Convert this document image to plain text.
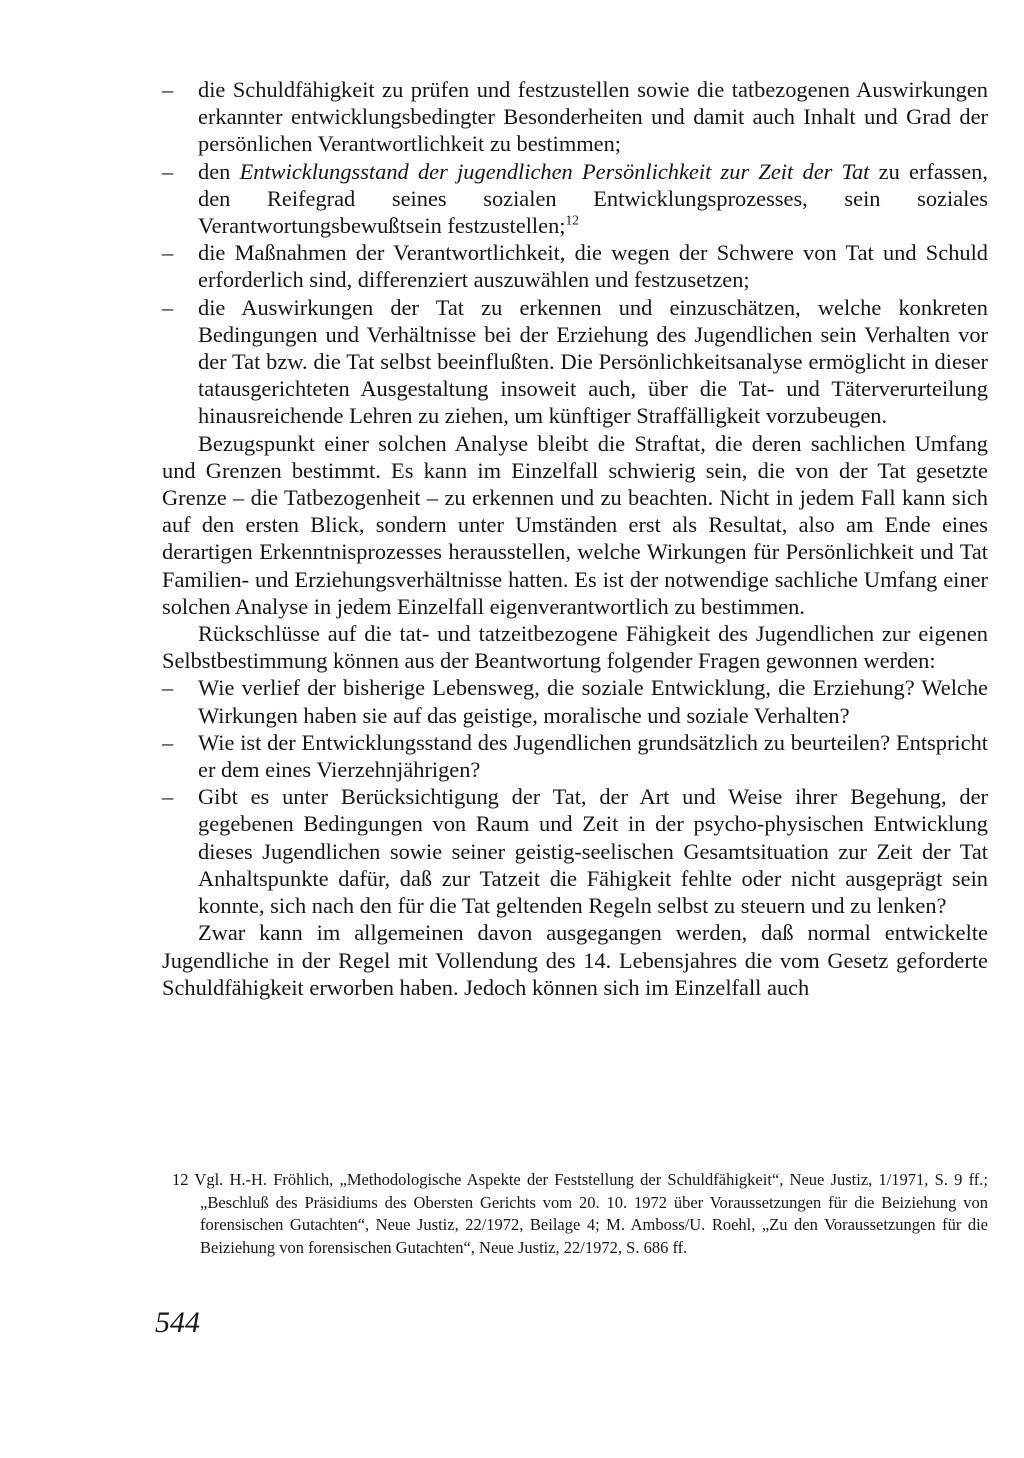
– die Schuldfähigkeit zu prüfen und festzustellen sowie die tatbezogenen Auswirkungen erkannter entwicklungsbedingter Besonderheiten und damit auch Inhalt und Grad der persönlichen Verantwortlichkeit zu bestimmen;

– den Entwicklungsstand der jugendlichen Persönlichkeit zur Zeit der Tat zu erfassen, den Reifegrad seines sozialen Entwicklungsprozesses, sein soziales Verantwortungsbewußtsein festzustellen;$^{12}$

– die Maßnahmen der Verantwortlichkeit, die wegen der Schwere von Tat und Schuld erforderlich sind, differenziert auszuwählen und festzusetzen;

– die Auswirkungen der Tat zu erkennen und einzuschätzen, welche konkreten Bedingungen und Verhältnisse bei der Erziehung des Jugendlichen sein Verhalten vor der Tat bzw. die Tat selbst beeinflußten. Die Persönlichkeitsanalyse ermöglicht in dieser tatausgerichteten Ausgestaltung insoweit auch, über die Tat- und Täterverurteilung hinausreichende Lehren zu ziehen, um künftiger Straffälligkeit vorzubeugen.

Bezugspunkt einer solchen Analyse bleibt die Straftat, die deren sachlichen Umfang und Grenzen bestimmt. Es kann im Einzelfall schwierig sein, die von der Tat gesetzte Grenze – die Tatbezogenheit – zu erkennen und zu beachten. Nicht in jedem Fall kann sich auf den ersten Blick, sondern unter Umständen erst als Resultat, also am Ende eines derartigen Erkenntnisprozesses herausstellen, welche Wirkungen für Persönlichkeit und Tat Familien- und Erziehungsverhältnisse hatten. Es ist der notwendige sachliche Umfang einer solchen Analyse in jedem Einzelfall eigenverantwortlich zu bestimmen.

Rückschlüsse auf die tat- und tatzeitbezogene Fähigkeit des Jugendlichen zur eigenen Selbstbestimmung können aus der Beantwortung folgender Fragen gewonnen werden:

– Wie verlief der bisherige Lebensweg, die soziale Entwicklung, die Erziehung? Welche Wirkungen haben sie auf das geistige, moralische und soziale Verhalten?

– Wie ist der Entwicklungsstand des Jugendlichen grundsätzlich zu beurteilen? Entspricht er dem eines Vierzehnjährigen?

– Gibt es unter Berücksichtigung der Tat, der Art und Weise ihrer Begehung, der gegebenen Bedingungen von Raum und Zeit in der psycho-physischen Entwicklung dieses Jugendlichen sowie seiner geistig-seelischen Gesamtsituation zur Zeit der Tat Anhaltspunkte dafür, daß zur Tatzeit die Fähigkeit fehlte oder nicht ausgeprägt sein konnte, sich nach den für die Tat geltenden Regeln selbst zu steuern und zu lenken?

Zwar kann im allgemeinen davon ausgegangen werden, daß normal entwickelte Jugendliche in der Regel mit Vollendung des 14. Lebensjahres die vom Gesetz geforderte Schuldfähigkeit erworben haben. Jedoch können sich im Einzelfall auch

12 Vgl. H.-H. Fröhlich, „Methodologische Aspekte der Feststellung der Schuldfähigkeit“, Neue Justiz, 1/1971, S. 9 ff.; „Beschluß des Präsidiums des Obersten Gerichts vom 20. 10. 1972 über Voraussetzungen für die Beiziehung von forensischen Gutachten“, Neue Justiz, 22/1972, Beilage 4; M. Amboss/U. Roehl, „Zu den Voraussetzungen für die Beiziehung von forensischen Gutachten“, Neue Justiz, 22/1972, S. 686 ff.

544
